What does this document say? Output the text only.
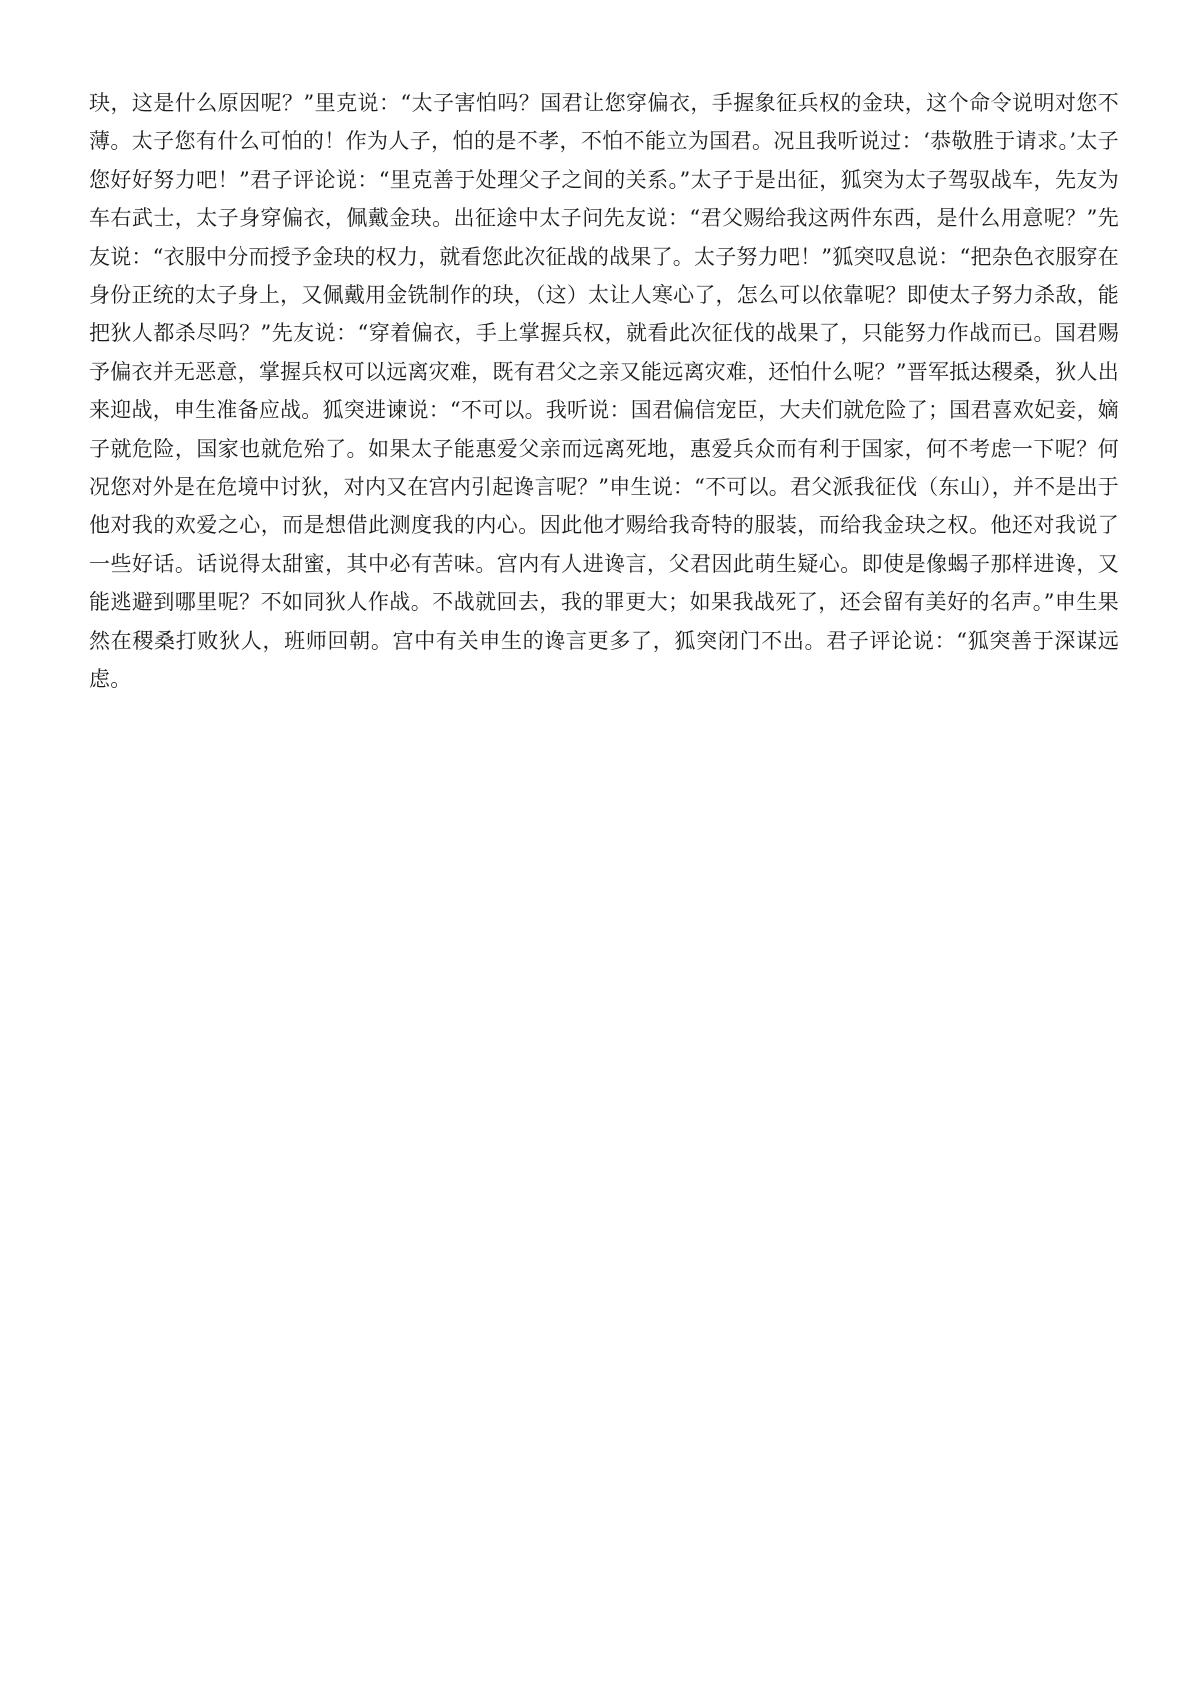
玦，这是什么原因呢？”里克说：“太子害怕吗？国君让您穿偏衣，手握象征兵权的金玦，这个命令说明对您不薄。太子您有什么可怕的！作为人子，怕的是不孝，不怕不能立为国君。况且我听说过：‘恭敬胜于请求。’太子您好好努力吧！”君子评论说：“里克善于处理父子之间的关系。”太子于是出征，狐突为太子驾驭战车，先友为车右武士，太子身穿偏衣，佩戴金玦。出征途中太子问先友说：“君父赐给我这两件东西，是什么用意呢？”先友说：“衣服中分而授予金玦的权力，就看您此次征战的战果了。太子努力吧！”狐突叹息说：“把杂色衣服穿在身份正统的太子身上，又佩戴用金铣制作的玦，（这）太让人寒心了，怎么可以依靠呢？即使太子努力杀敌，能把狄人都杀尽吗？”先友说：“穿着偏衣，手上掌握兵权，就看此次征伐的战果了，只能努力作战而已。国君赐予偏衣并无恶意，掌握兵权可以远离灾难，既有君父之亲又能远离灾难，还怕什么呢？”晋军抵达稷桑，狄人出来迎战，申生准备应战。狐突进谏说：“不可以。我听说：国君偏信宠臣，大夫们就危险了；国君喜欢妃妾，嫡子就危险，国家也就危殆了。如果太子能惠爱父亲而远离死地，惠爱兵众而有利于国家，何不考虑一下呢？何况您对外是在危境中讨狄，对内又在宫内引起谗言呢？”申生说：“不可以。君父派我征伐（东山），并不是出于他对我的欢爱之心，而是想借此测度我的内心。因此他才赐给我奇特的服装，而给我金玦之权。他还对我说了一些好话。话说得太甜蜜，其中必有苦味。宫内有人进谗言，父君因此萌生疑心。即使是像蝎子那样进谗，又能逃避到哪里呢？不如同狄人作战。不战就回去，我的罪更大；如果我战死了，还会留有美好的名声。”申生果然在稷桑打败狄人，班师回朝。宫中有关申生的谗言更多了，狐突闭门不出。君子评论说：“狐突善于深谋远虑。
